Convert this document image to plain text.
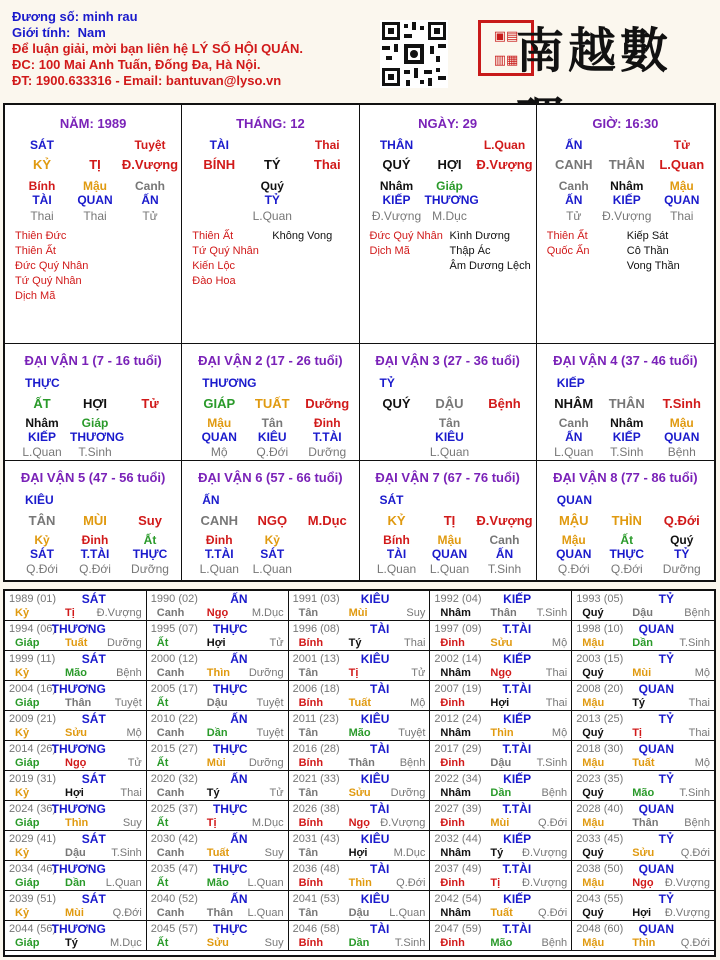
Đương số: minh rau
Giới tính: Nam
Để luận giải, mời bạn liên hệ LÝ SỐ HỘI QUÁN.
ĐC: 100 Mai Anh Tuấn, Đống Đa, Hà Nội.
ĐT: 1900.633316 - Email: bantuvan@lyso.vn
▣▤
▥▦
南越數
NĂM: 1989
SÁT	Tuyệt
KỶ	TỊ	Đ.Vượng
Bính	Mậu	Canh
TÀI	QUAN	ẤN
Thai	Thai	Tử
Thiên Đức
Thiên Ất
Đức Quý Nhân
Tứ Quý Nhân
Dịch Mã
THÁNG: 12
TÀI	Thai
BÍNH	TÝ	Thai
Quý
TỶ
L.Quan
Thiên Ất
Tứ Quý Nhân
Kiến Lộc
Đào Hoa
Không Vong
NGÀY: 29
THÂN	L.Quan
QUÝ	HỢI	Đ.Vượng
Nhâm	Giáp
KIẾP	THƯƠNG
Đ.Vượng M.Dục
Đức Quý Nhân
Dịch Mã
Kình Dương
Thập Ác
Âm Dương Lệch
GIỜ: 16:30
ẤN	Tử
CANH	THÂN	L.Quan
Canh	Nhâm	Mậu
ẤN	KIẾP	QUAN
Tử	Đ.Vượng	Thai
Thiên Ất
Quốc Ấn
Kiếp Sát
Cô Thần
Vong Thần
ĐẠI VẬN 1 (7 - 16 tuổi)
THỰC
ẤT	HỢI	Tử
Nhâm	Giáp
KIẾP	THƯƠNG
L.Quan	T.Sinh
ĐẠI VẬN 2 (17 - 26 tuổi)
THƯƠNG
GIÁP	TUẤT	Dưỡng
Mậu	Tân	Đinh
QUAN	KIÊU	T.TÀI
Mộ	Q.Đới	Dưỡng
ĐẠI VẬN 3 (27 - 36 tuổi)
TỶ
QUÝ	DẬU	Bệnh
Tân
KIÊU
L.Quan
ĐẠI VẬN 4 (37 - 46 tuổi)
KIẾP
NHÂM	THÂN	T.Sinh
Canh	Nhâm	Mậu
ẤN	KIẾP	QUAN
L.Quan	T.Sinh	Bệnh
ĐẠI VẬN 5 (47 - 56 tuổi)
KIÊU
TÂN	MÙI	Suy
Kỷ	Đinh	Ất
SÁT	T.TÀI	THỰC
Q.Đới	Q.Đới	Dưỡng
ĐẠI VẬN 6 (57 - 66 tuổi)
ẤN
CANH	NGỌ	M.Dục
Đinh	Kỷ
T.TÀI	SÁT
L.Quan	L.Quan
ĐẠI VẬN 7 (67 - 76 tuổi)
SÁT
KỶ	TỊ	Đ.Vượng
Bính	Mậu	Canh
TÀI	QUAN	ẤN
L.Quan	L.Quan	T.Sinh
ĐẠI VẬN 8 (77 - 86 tuổi)
QUAN
MẬU	THÌN	Q.Đới
Mậu	Ất	Quý
QUAN	THỰC	TỶ
Q.Đới	Q.Đới	Dưỡng
1989 (01) SÁT
Kỷ	Tị Đ.Vượng
1990 (02)	ẤN
Canh Ngọ M.Dục
1991 (03) KIÊU
Tân	Mùi	Suy
1992 (04) KIẾP
Nhâm Thân T.Sinh
1993 (05)	TỶ
Quý	Dậu	Bệnh
1994 (06)
THƯƠNG
Giáp Tuất Dưỡng
1995 (07) THỰC
Ất	Hợi	Tử
1996 (08)	TÀI
Bính Tý	Thai
1997 (09) T.TÀI
Đinh Sửu	Mộ
1998 (10) QUAN
Mậu	Dần T.Sinh
1999 (11) SÁT
Kỷ	Mão	Bệnh
2000 (12)	ẤN
Canh Thìn Dưỡng
2001 (13) KIÊU
Tân	Tị	Tử
2002 (14) KIẾP
Nhâm Ngọ	Thai
2003 (15)	TỶ
Quý	Mùi	Mộ
2004 (16)
THƯƠNG
Giáp Thân Tuyệt
2005 (17) THỰC
Ất	Dậu	Tuyệt
2006 (18)	TÀI
Bính Tuất	Mộ
2007 (19) T.TÀI
Đinh Hợi	Thai
2008 (20) QUAN
Mậu	Tý	Thai
2009 (21) SÁT
Kỷ	Sửu	Mộ
2010 (22)	ẤN
Canh Dần	Tuyệt
2011 (23) KIÊU
Tân	Mão	Tuyệt
2012 (24) KIẾP
Nhâm Thìn	Mộ
2013 (25)	TỶ
Quý	Tị	Thai
2014 (26)
THƯƠNG
Giáp Ngọ	Tử
2015 (27) THỰC
Ất	Mùi Dưỡng
2016 (28)	TÀI
Bính Thân Bệnh
2017 (29) T.TÀI
Đinh Dậu T.Sinh
2018 (30) QUAN
Mậu	Tuất	Mộ
2019 (31) SÁT
Kỷ	Hợi	Thai
2020 (32)	ẤN
Canh Tý	Tử
2021 (33) KIÊU
Tân	Sửu Dưỡng
2022 (34) KIẾP
Nhâm Dần	Bệnh
2023 (35)	TỶ
Quý	Mão T.Sinh
2024 (36)
THƯƠNG
Giáp Thìn	Suy
2025 (37) THỰC
Ất	Tị	M.Dục
2026 (38)	TÀI
Bính Ngọ Đ.Vượng
2027 (39) T.TÀI
Đinh Mùi	Q.Đới
2028 (40) QUAN
Mậu	Thân Bệnh
2029 (41) SÁT
Kỷ	Dậu T.Sinh
2030 (42)	ẤN
Canh Tuất	Suy
2031 (43) KIÊU
Tân	Hợi M.Dục
2032 (44) KIẾP
Nhâm Tý Đ.Vượng
2033 (45)	TỶ
Quý	Sửu Q.Đới
2034 (46)
THƯƠNG
Giáp Dần L.Quan
2035 (47) THỰC
Ất	Mão L.Quan
2036 (48)	TÀI
Bính Thìn Q.Đới
2037 (49) T.TÀI
Đinh Tị Đ.Vượng
2038 (50) QUAN
Mậu	Ngọ Đ.Vượng
2039 (51) SÁT
Kỷ	Mùi	Q.Đới
2040 (52)	ẤN
Canh Thân L.Quan
2041 (53) KIÊU
Tân	Dậu L.Quan
2042 (54) KIẾP
Nhâm Tuất Q.Đới
2043 (55)	TỶ
Quý	Hợi Đ.Vượng
2044 (56)
THƯƠNG
Giáp Tý	M.Dục
2045 (57) THỰC
Ất	Sửu	Suy
2046 (58)	TÀI
Bính Dần T.Sinh
2047 (59) T.TÀI
Đinh Mão	Bệnh
2048 (60) QUAN
Mậu	Thìn Q.Đới
